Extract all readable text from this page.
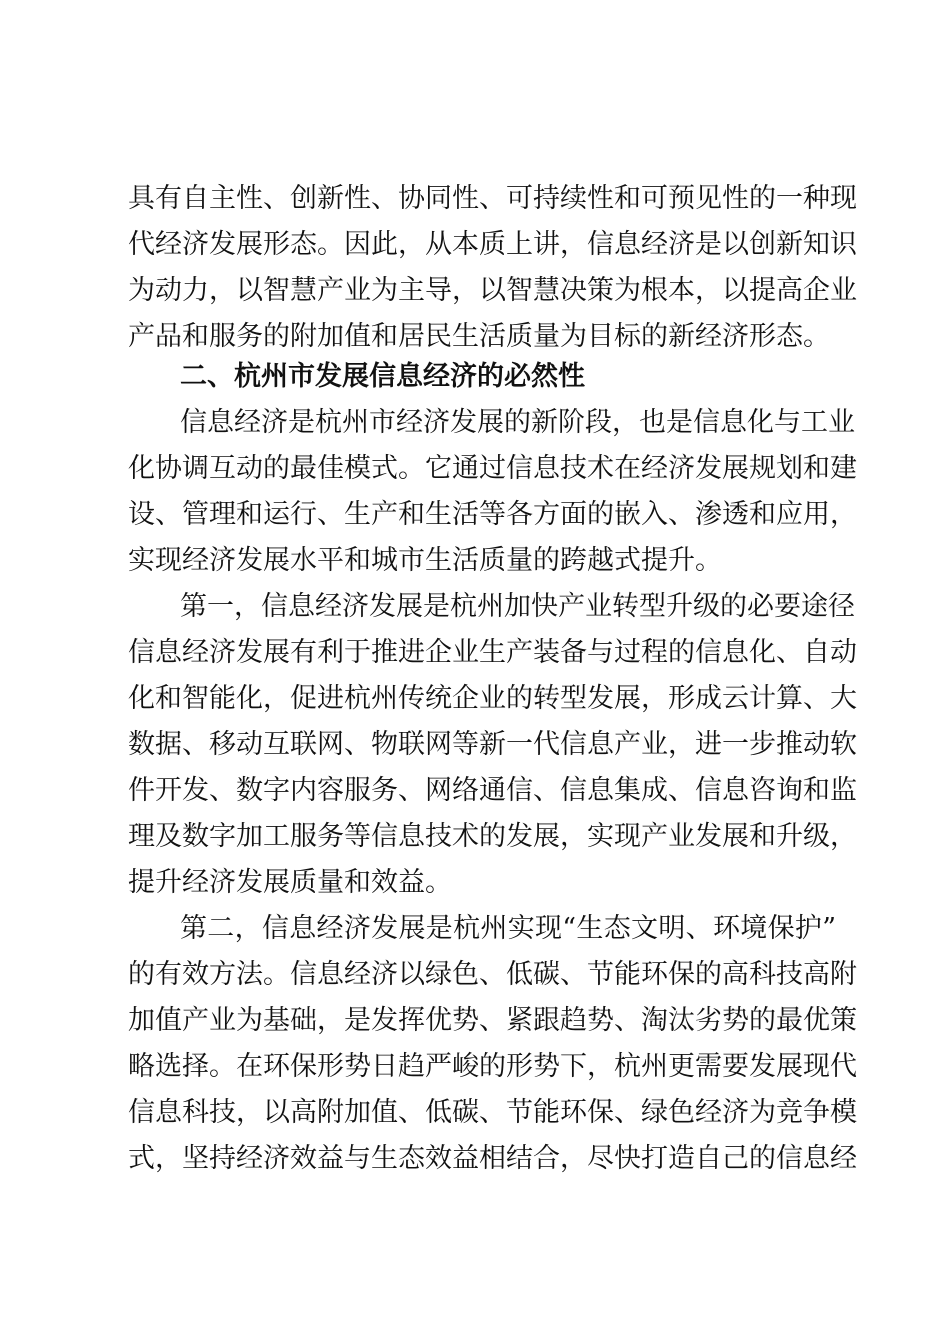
具有自主性、创新性、协同性、可持续性和可预见性的一种现
代经济发展形态。因此，从本质上讲，信息经济是以创新知识
为动力，以智慧产业为主导，以智慧决策为根本，以提高企业
产品和服务的附加值和居民生活质量为目标的新经济形态。
二、杭州市发展信息经济的必然性
信息经济是杭州市经济发展的新阶段，也是信息化与工业
化协调互动的最佳模式。它通过信息技术在经济发展规划和建
设、管理和运行、生产和生活等各方面的嵌入、渗透和应用，
实现经济发展水平和城市生活质量的跨越式提升。
第一，信息经济发展是杭州加快产业转型升级的必要途径
信息经济发展有利于推进企业生产装备与过程的信息化、自动
化和智能化，促进杭州传统企业的转型发展，形成云计算、大
数据、移动互联网、物联网等新一代信息产业，进一步推动软
件开发、数字内容服务、网络通信、信息集成、信息咨询和监
理及数字加工服务等信息技术的发展，实现产业发展和升级，
提升经济发展质量和效益。
第二，信息经济发展是杭州实现“生态文明、环境保护”
的有效方法。信息经济以绿色、低碳、节能环保的高科技高附
加值产业为基础，是发挥优势、紧跟趋势、淘汰劣势的最优策
略选择。在环保形势日趋严峻的形势下，杭州更需要发展现代
信息科技，以高附加值、低碳、节能环保、绿色经济为竞争模
式，坚持经济效益与生态效益相结合，尽快打造自己的信息经
